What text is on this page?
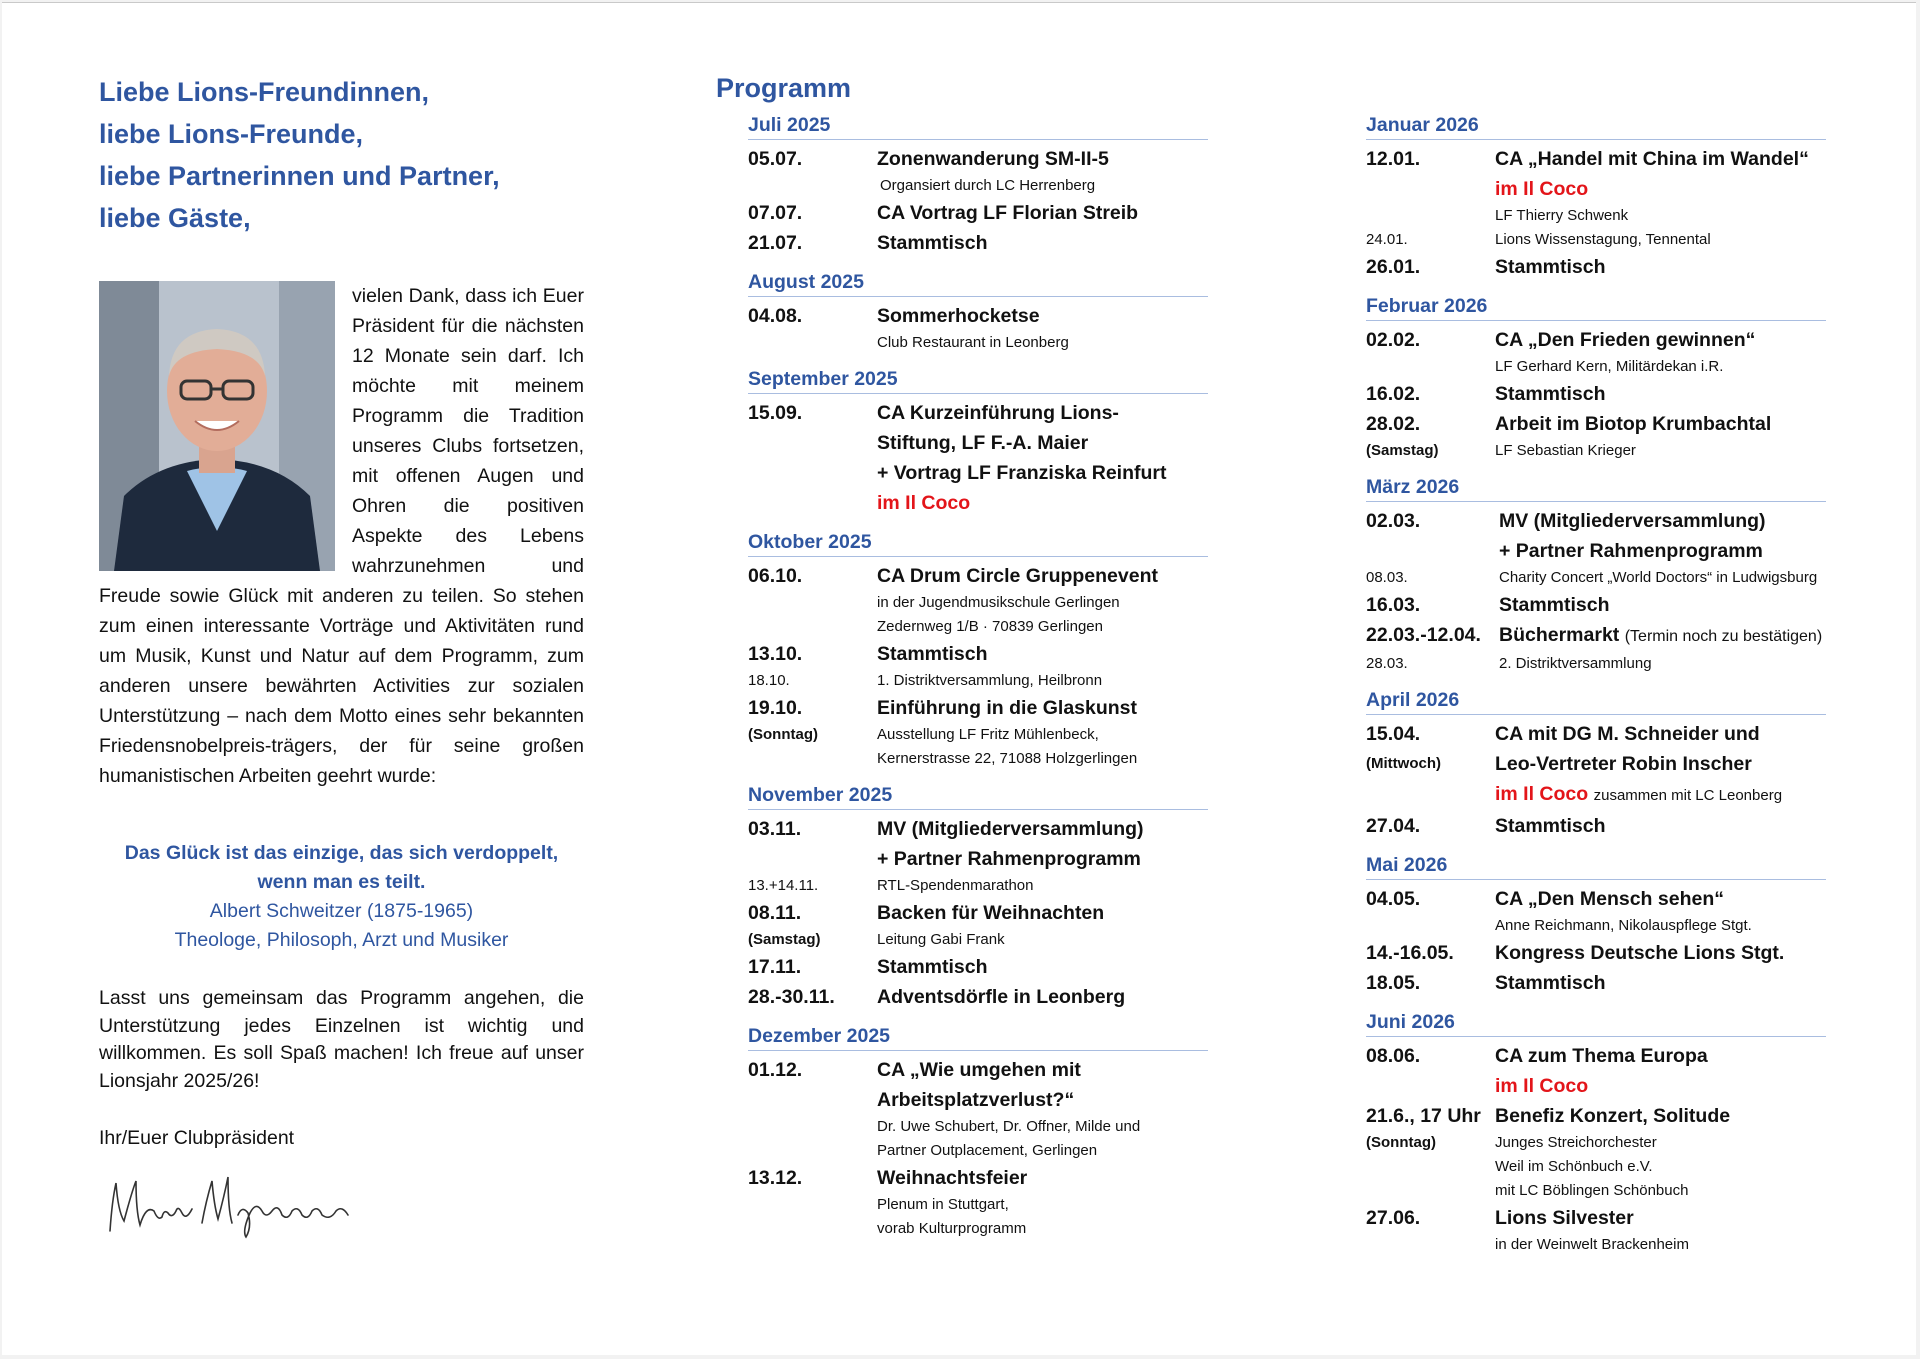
Liebe Lions-Freundinnen,
liebe Lions-Freunde,
liebe Partnerinnen und Partner,
liebe Gäste,
vielen Dank, dass ich Euer Präsident für die nächsten 12 Monate sein darf. Ich möchte mit meinem Programm die Tradition unseres Clubs fortsetzen, mit offenen Augen und Ohren die positiven Aspekte des Lebens wahrzunehmen und Freude sowie Glück mit anderen zu teilen. So stehen zum einen interessante Vorträge und Aktivitäten rund um Musik, Kunst und Natur auf dem Programm, zum anderen unsere bewährten Activities zur sozialen Unterstützung – nach dem Motto eines sehr bekannten Friedensnobelpreis-trägers, der für seine großen humanistischen Arbeiten geehrt wurde:
Das Glück ist das einzige, das sich verdoppelt, wenn man es teilt.
Albert Schweitzer (1875-1965)
Theologe, Philosoph, Arzt und Musiker
Lasst uns gemeinsam das Programm angehen, die Unterstützung jedes Einzelnen ist wichtig und willkommen. Es soll Spaß machen! Ich freue auf unser Lionsjahr 2025/26!
Ihr/Euer Clubpräsident
Programm
Juli 2025
05.07.	Zonenwanderung SM-II-5
Organsiert durch LC Herrenberg
07.07.	CA Vortrag LF Florian Streib
21.07.	Stammtisch
August 2025
04.08.	Sommerhocketse
Club Restaurant in Leonberg
September 2025
15.09.	CA Kurzeinführung Lions-
Stiftung, LF F.-A. Maier
+ Vortrag LF Franziska Reinfurt
im Il Coco
Oktober 2025
06.10.	CA Drum Circle Gruppenevent
in der Jugendmusikschule Gerlingen
Zedernweg 1/B · 70839 Gerlingen
13.10.	Stammtisch
18.10.	1. Distriktversammlung, Heilbronn
19.10.	Einführung in die Glaskunst
(Sonntag)	Ausstellung LF Fritz Mühlenbeck,
Kernerstrasse 22, 71088 Holzgerlingen
November 2025
03.11.	MV (Mitgliederversammlung)
+ Partner Rahmenprogramm
13.+14.11.	RTL-Spendenmarathon
08.11.	Backen für Weihnachten
(Samstag)	Leitung Gabi Frank
17.11.	Stammtisch
28.-30.11.	Adventsdörfle in Leonberg
Dezember 2025
01.12.	CA „Wie umgehen mit
Arbeitsplatzverlust?“
Dr. Uwe Schubert, Dr. Offner, Milde und
Partner Outplacement, Gerlingen
13.12.	Weihnachtsfeier
Plenum in Stuttgart,
vorab Kulturprogramm
Januar 2026
12.01.	CA „Handel mit China im Wandel“
im Il Coco
LF Thierry Schwenk
24.01.	Lions Wissenstagung, Tennental
26.01.	Stammtisch
Februar 2026
02.02.	CA „Den Frieden gewinnen“
LF Gerhard Kern, Militärdekan i.R.
16.02.	Stammtisch
28.02.	Arbeit im Biotop Krumbachtal
(Samstag)	LF Sebastian Krieger
März 2026
02.03.	MV (Mitgliederversammlung)
+ Partner Rahmenprogramm
08.03.	Charity Concert „World Doctors“ in Ludwigsburg
16.03.	Stammtisch
22.03.-12.04. Büchermarkt (Termin noch zu bestätigen)
28.03.	2. Distriktversammlung
April 2026
15.04.	CA mit DG M. Schneider und
(Mittwoch)	Leo-Vertreter Robin Inscher
im Il Coco zusammen mit LC Leonberg
27.04.	Stammtisch
Mai 2026
04.05.	CA „Den Mensch sehen“
Anne Reichmann, Nikolauspflege Stgt.
14.-16.05.	Kongress Deutsche Lions Stgt.
18.05.	Stammtisch
Juni 2026
08.06.	CA zum Thema Europa
im Il Coco
21.6., 17 Uhr Benefiz Konzert, Solitude
(Sonntag)	Junges Streichorchester
Weil im Schönbuch e.V.
mit LC Böblingen Schönbuch
27.06.	Lions Silvester
in der Weinwelt Brackenheim
